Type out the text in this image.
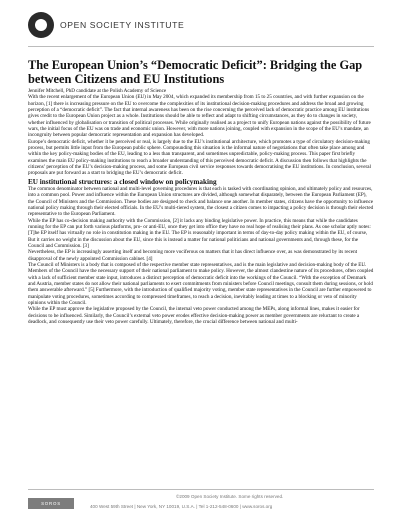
OPEN SOCIETY INSTITUTE
The European Union’s “Democratic Deficit”: Bridging the Gap between Citizens and EU Institutions

Jennifer Mitchell, PhD candidate at the Polish Academy of Science

With the recent enlargement of the European Union (EU) in May 2004, which expanded its membership from 15 to 25 countries, and with further expansion on the horizon, [1] there is increasing pressure on the EU to overcome the complexities of its institutional decision-making procedures and address the broad and growing perception of a “democratic deficit”. The fact that internal awareness has been on the rise concerning the perceived lack of democratic practice among EU institutions gives credit to the European Union project as a whole. Institutions should be able to reflect and adapt to shifting circumstances, as they do to changes in society, whether influenced by globalisation or transition of political processes. While originally realised as a project to unify European nations against the possibility of future wars, the initial focus of the EU was on trade and economic union. However, with more nations joining, coupled with expansion in the scope of the EU’s mandate, an incongruity between popular democratic representation and expansion has developed.

Europe’s democratic deficit, whether it be perceived or real, is largely due to the EU’s institutional architecture, which promotes a type of circulatory decision-making process, but permits little input from the European public sphere. Compounding this situation is the informal nature of negotiations that often take place among and within the key policy-making bodies of the EU, leading to a less than transparent, and sometimes unpredictable, policy-making process. This paper first briefly examines the main EU policy-making institutions to reach a broader understanding of this perceived democratic deficit. A discussion then follows that highlights the citizens’ perception of the EU’s decision-making process, and some European civil service responses towards democratising the EU institutions. In conclusion, several proposals are put forward as a start to bridging the EU’s democratic deficit.

EU institutional structures: a closed window on policymaking

The common denominator between national and multi-level governing procedures is that each is tasked with coordinating opinion, and ultimately policy and resources, into a common pool. Power and influence within the European Union structures are divided, although somewhat disparately, between the European Parliament (EP), the Council of Ministers and the Commission. These bodies are designed to check and balance one another. In member states, citizens have the opportunity to influence national policy making through their elected officials. In the EU’s multi-tiered system, the closest a citizen comes to impacting a policy decision is through their elected representative to the European Parliament.

While the EP has co-decision making authority with the Commission, [2] it lacks any binding legislative power. In practice, this means that while the candidates running for the EP can put forth various platforms, pro- or anti-EU, once they get into office they have no real hope of realising their plans. As one scholar aptly notes:

[T]he EP itself has virtually no role in constitution making in the EU. The EP is reasonably important in terms of day-to-day policy making within the EU, of course, But it carries no weight in the discussion about the EU, since this is instead a matter for national politicians and national governments and, through these, for the Council and Commission. [3]

Nevertheless, the EP is increasingly asserting itself and becoming more vociferous on matters that it has direct influence over, as was demonstrated by its recent disapproval of the newly appointed Commission cabinet. [4]

The Council of Ministers is a body that is composed of the respective member state representatives, and is the main legislative and decision-making body of the EU. Members of the Council have the necessary support of their national parliament to make policy. However, the almost clandestine nature of its procedures, often coupled with a lack of sufficient member state input, introduces a distinct perception of democratic deficit into the workings of the Council. “With the exception of Denmark and Austria, member states do not allow their national parliaments to exert commitments from ministers before Council meetings, consult them during sessions, or hold them answerable afterward.” [5] Furthermore, with the introduction of qualified majority voting, member state representatives in the Council are further empowered to manipulate voting procedures, sometimes according to compressed timeframes, to reach a decision, inevitably leading at times to a blocking or veto of minority opinions within the Council.

While the EP must approve the legislative proposed by the Council, the internal veto power conducted among the MEPs, along informal lines, makes it easier for decisions to be influenced. Similarly, the Council’s external veto power erodes effective decision-making power as member governments are reluctant to create a deadlock, and consequently use their veto power carefully. Ultimately, therefore, the crucial difference between national and multi-

SOROS
©2009 Open Society Institute. Some rights reserved.
400 West 59th Street | New York, NY 10019, U.S.A. | Tel 1-212-548-0600 | www.soros.org
